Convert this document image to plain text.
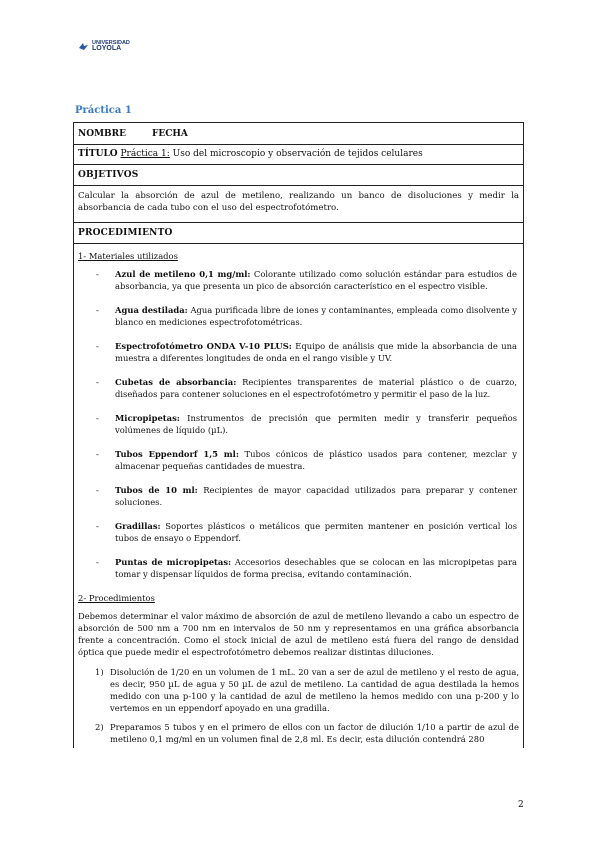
UNIVERSIDAD
LOYOLA
Práctica 1
NOMBRE	FECHA
TÍTULO Práctica 1: Uso del microscopio y observación de tejidos celulares
OBJETIVOS
Calcular la absorción de azul de metileno, realizando un banco de disoluciones y medir la absorbancia de cada tubo con el uso del espectrofotómetro.
PROCEDIMIENTO
1- Materiales utilizados
- Azul de metileno 0,1 mg/ml: Colorante utilizado como solución estándar para estudios de absorbancia, ya que presenta un pico de absorción característico en el espectro visible.
- Agua destilada: Agua purificada libre de iones y contaminantes, empleada como disolvente y blanco en mediciones espectrofotométricas.
- Espectrofotómetro ONDA V-10 PLUS: Equipo de análisis que mide la absorbancia de una muestra a diferentes longitudes de onda en el rango visible y UV.
- Cubetas de absorbancia: Recipientes transparentes de material plástico o de cuarzo, diseñados para contener soluciones en el espectrofotómetro y permitir el paso de la luz.
- Micropipetas: Instrumentos de precisión que permiten medir y transferir pequeños volúmenes de líquido (µL).
- Tubos Eppendorf 1,5 ml: Tubos cónicos de plástico usados para contener, mezclar y almacenar pequeñas cantidades de muestra.
- Tubos de 10 ml: Recipientes de mayor capacidad utilizados para preparar y contener soluciones.
- Gradillas: Soportes plásticos o metálicos que permiten mantener en posición vertical los tubos de ensayo o Eppendorf.
- Puntas de micropipetas: Accesorios desechables que se colocan en las micropipetas para tomar y dispensar líquidos de forma precisa, evitando contaminación.
2- Procedimientos
Debemos determinar el valor máximo de absorción de azul de metileno llevando a cabo un espectro de absorción de 500 nm a 700 nm en intervalos de 50 nm y representamos en una gráfica absorbancia frente a concentración. Como el stock inicial de azul de metileno está fuera del rango de densidad óptica que puede medir el espectrofotómetro debemos realizar distintas diluciones.
1) Disolución de 1/20 en un volumen de 1 mL. 20 van a ser de azul de metileno y el resto de agua, es decir, 950 µL de agua y 50 µL de azul de metileno. La cantidad de agua destilada la hemos medido con una p-100 y la cantidad de azul de metileno la hemos medido con una p-200 y lo vertemos en un eppendorf apoyado en una gradilla.
2) Preparamos 5 tubos y en el primero de ellos con un factor de dilución 1/10 a partir de azul de metileno 0,1 mg/ml en un volumen final de 2,8 ml. Es decir, esta dilución contendrá 280
2
